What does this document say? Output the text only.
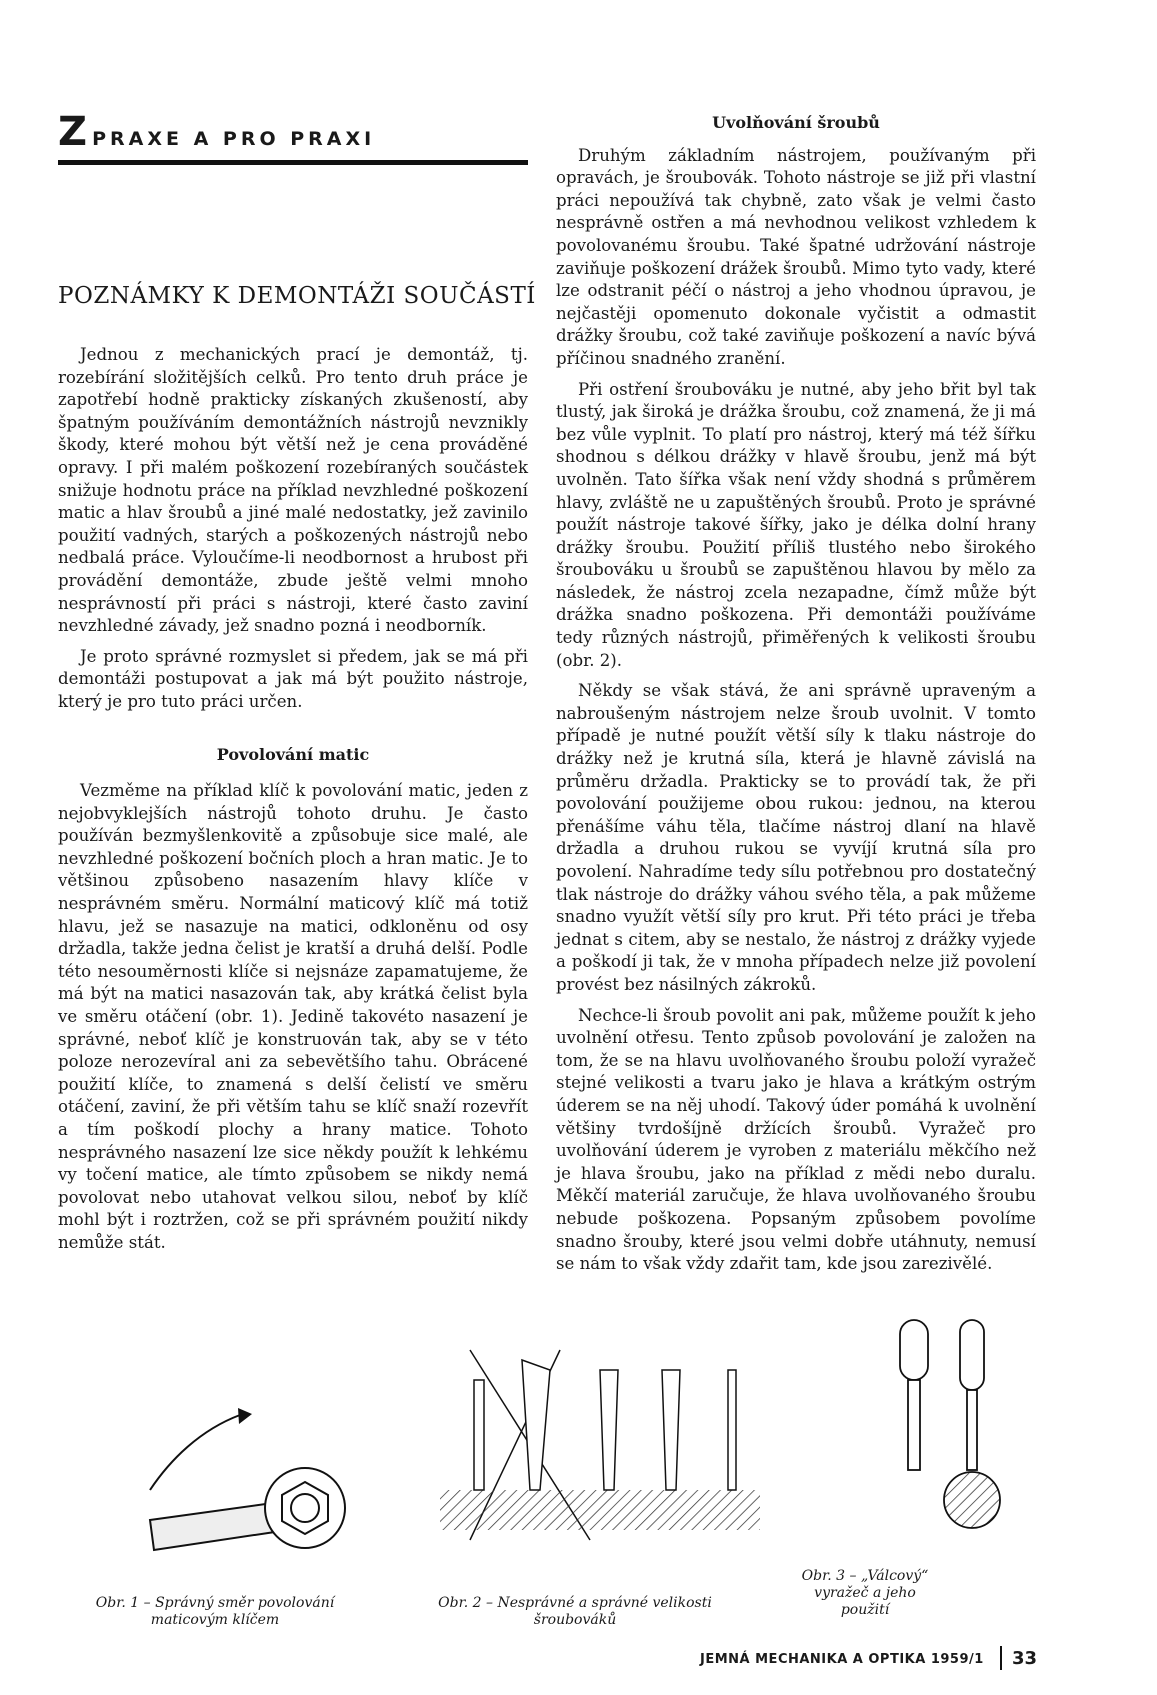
Z PRAXE A PRO PRAXI
POZNÁMKY K DEMONTÁŽI SOUČÁSTÍ

Jednou z mechanických prací je demontáž, tj. rozebírání složitějších celků. Pro tento druh práce je zapotřebí hodně prakticky získaných zkušeností, aby špatným používáním demontážních nástrojů nevznikly škody, které mohou být větší než je cena prováděné opravy. I při malém poškození rozebíraných součástek snižuje hodnotu práce na příklad nevzhledné poškození matic a hlav šroubů a jiné malé nedostatky, jež zavinilo použití vadných, starých a poškozených nástrojů nebo nedbalá práce. Vyloučíme-li neodbornost a hrubost při provádění demontáže, zbude ještě velmi mnoho nesprávností při práci s nástroji, které často zaviní nevzhledné závady, jež snadno pozná i neodborník.

Je proto správné rozmyslet si předem, jak se má při demontáži postupovat a jak má být použito nástroje, který je pro tuto práci určen.

Povolování matic

Vezměme na příklad klíč k povolování matic, jeden z nejobvyklejších nástrojů tohoto druhu. Je často používán bezmyšlenkovitě a způsobuje sice malé, ale nevzhledné poškození bočních ploch a hran matic. Je to většinou způsobeno nasazením hlavy klíče v nesprávném směru. Normální maticový klíč má totiž hlavu, jež se nasazuje na matici, odkloněnu od osy držadla, takže jedna čelist je kratší a druhá delší. Podle této nesouměrnosti klíče si nejsnáze zapamatujeme, že má být na matici nasazován tak, aby krátká čelist byla ve směru otáčení (obr. 1). Jedině takovéto nasazení je správné, neboť klíč je konstruován tak, aby se v této poloze nerozevíral ani za sebevětšího tahu. Obrácené použití klíče, to znamená s delší čelistí ve směru otáčení, zaviní, že při větším tahu se klíč snaží rozevřít a tím poškodí plochy a hrany matice. Tohoto nesprávného nasazení lze sice někdy použít k lehkému vy točení matice, ale tímto způsobem se nikdy nemá povolovat nebo utahovat velkou silou, neboť by klíč mohl být i roztržen, což se při správném použití nikdy nemůže stát.

Uvolňování šroubů

Druhým základním nástrojem, používaným při opravách, je šroubovák. Tohoto nástroje se již při vlastní práci nepoužívá tak chybně, zato však je velmi často nesprávně ostřen a má nevhodnou velikost vzhledem k povolovanému šroubu. Také špatné udržování nástroje zaviňuje poškození drážek šroubů. Mimo tyto vady, které lze odstranit péčí o nástroj a jeho vhodnou úpravou, je nejčastěji opomenuto dokonale vyčistit a odmastit drážky šroubu, což také zaviňuje poškození a navíc bývá příčinou snadného zranění.

Při ostření šroubováku je nutné, aby jeho břit byl tak tlustý, jak široká je drážka šroubu, což znamená, že ji má bez vůle vyplnit. To platí pro nástroj, který má též šířku shodnou s délkou drážky v hlavě šroubu, jenž má být uvolněn. Tato šířka však není vždy shodná s průměrem hlavy, zvláště ne u zapuštěných šroubů. Proto je správné použít nástroje takové šířky, jako je délka dolní hrany drážky šroubu. Použití příliš tlustého nebo širokého šroubováku u šroubů se zapuštěnou hlavou by mělo za následek, že nástroj zcela nezapadne, čímž může být drážka snadno poškozena. Při demontáži používáme tedy různých nástrojů, přiměřených k velikosti šroubu (obr. 2).

Někdy se však stává, že ani správně upraveným a nabroušeným nástrojem nelze šroub uvolnit. V tomto případě je nutné použít větší síly k tlaku nástroje do drážky než je krutná síla, která je hlavně závislá na průměru držadla. Prakticky se to provádí tak, že při povolování použijeme obou rukou: jednou, na kterou přenášíme váhu těla, tlačíme nástroj dlaní na hlavě držadla a druhou rukou se vyvíjí krutná síla pro povolení. Nahradíme tedy sílu potřebnou pro dostatečný tlak nástroje do drážky váhou svého těla, a pak můžeme snadno využít větší síly pro krut. Při této práci je třeba jednat s citem, aby se nestalo, že nástroj z drážky vyjede a poškodí ji tak, že v mnoha případech nelze již povolení provést bez násilných zákroků.

Nechce-li šroub povolit ani pak, můžeme použít k jeho uvolnění otřesu. Tento způsob povolování je založen na tom, že se na hlavu uvolňovaného šroubu položí vyražeč stejné velikosti a tvaru jako je hlava a krátkým ostrým úderem se na něj uhodí. Takový úder pomáhá k uvolnění většiny tvrdošíjně držících šroubů. Vyražeč pro uvolňování úderem je vyroben z materiálu měkčího než je hlava šroubu, jako na příklad z mědi nebo duralu. Měkčí materiál zaručuje, že hlava uvolňovaného šroubu nebude poškozena. Popsaným způsobem povolíme snadno šrouby, které jsou velmi dobře utáhnuty, nemusí se nám to však vždy zdařit tam, kde jsou zarezivělé.

Obr. 1 – Správný směr povolování maticovým klíčem
Obr. 2 – Nesprávné a správné velikosti šroubováků
Obr. 3 – „Válcový“ vyražeč a jeho použití
JEMNÁ MECHANIKA A OPTIKA 1959/1 33
